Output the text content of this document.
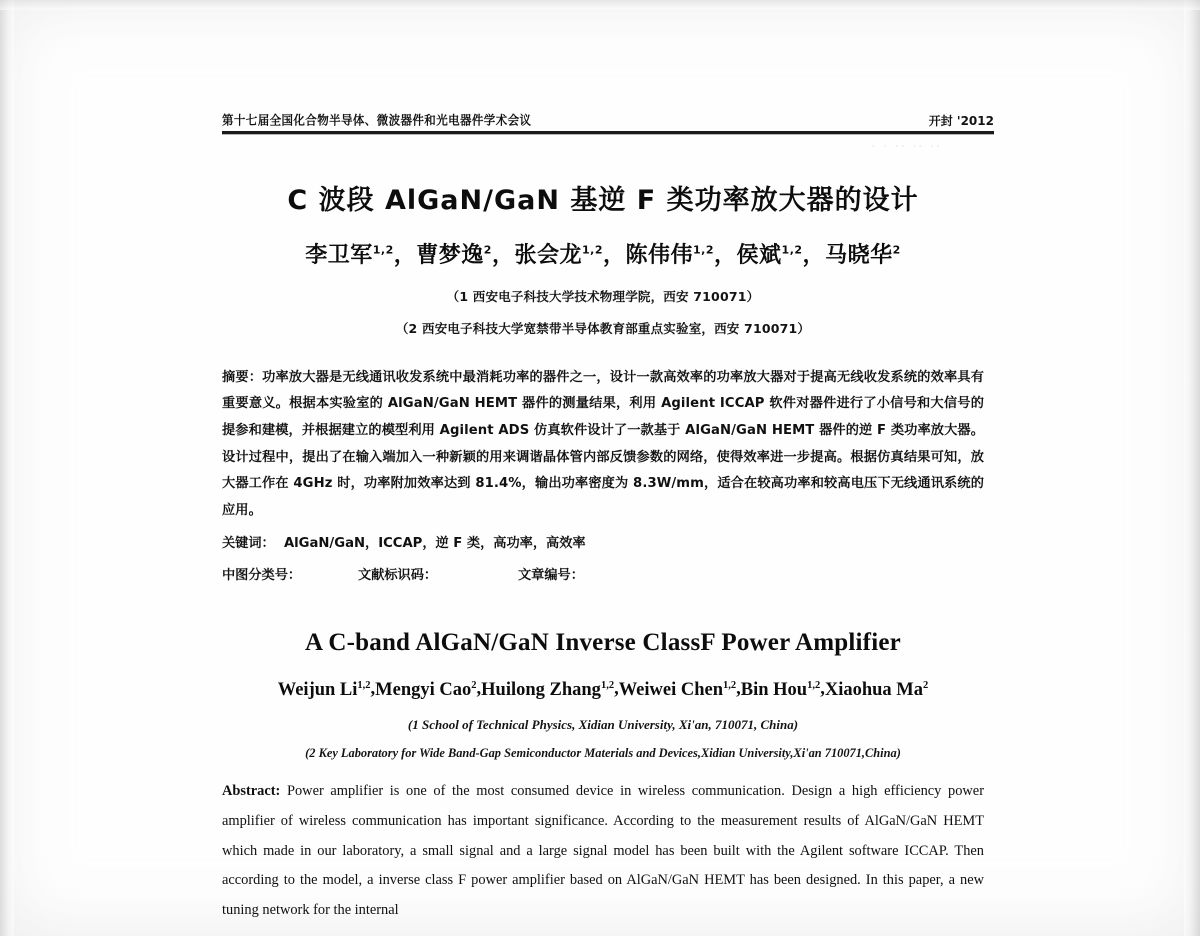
第十七届全国化合物半导体、微波器件和光电器件学术会议	开封 '2012
· · ·· ·· ··
C 波段 AlGaN/GaN 基逆 F 类功率放大器的设计
李卫军$^{1,2}$，曹梦逸$^2$，张会龙$^{1,2}$，陈伟伟$^{1,2}$，侯斌$^{1,2}$，马晓华$^2$
（1 西安电子科技大学技术物理学院，西安 710071）
（2 西安电子科技大学宽禁带半导体教育部重点实验室，西安 710071）
摘要：功率放大器是无线通讯收发系统中最消耗功率的器件之一，设计一款高效率的功率放大器对于提高无线收发系统的效率具有重要意义。根据本实验室的 AlGaN/GaN HEMT 器件的测量结果，利用 Agilent ICCAP 软件对器件进行了小信号和大信号的提参和建模，并根据建立的模型利用 Agilent ADS 仿真软件设计了一款基于 AlGaN/GaN HEMT 器件的逆 F 类功率放大器。设计过程中，提出了在输入端加入一种新颖的用来调谐晶体管内部反馈参数的网络，使得效率进一步提高。根据仿真结果可知，放大器工作在 4GHz 时，功率附加效率达到 81.4%，输出功率密度为 8.3W/mm，适合在较高功率和较高电压下无线通讯系统的应用。
关键词： AlGaN/GaN，ICCAP，逆 F 类，高功率，高效率
中图分类号：	文献标识码：	文章编号：
A C-band AlGaN/GaN Inverse ClassF Power Amplifier
Weijun Li$^{1,2}$,Mengyi Cao$^2$,Huilong Zhang$^{1,2}$,Weiwei Chen$^{1,2}$,Bin Hou$^{1,2}$,Xiaohua Ma$^2$
(1 School of Technical Physics, Xidian University, Xi'an, 710071, China)
(2 Key Laboratory for Wide Band-Gap Semiconductor Materials and Devices,Xidian University,Xi'an 710071,China)

Abstract: Power amplifier is one of the most consumed device in wireless communication. Design a high efficiency power amplifier of wireless communication has important significance. According to the measurement results of AlGaN/GaN HEMT which made in our laboratory, a small signal and a large signal model has been built with the Agilent software ICCAP. Then according to the model, a inverse class F power amplifier based on AlGaN/GaN HEMT has been designed. In this paper, a new tuning network for the internal
